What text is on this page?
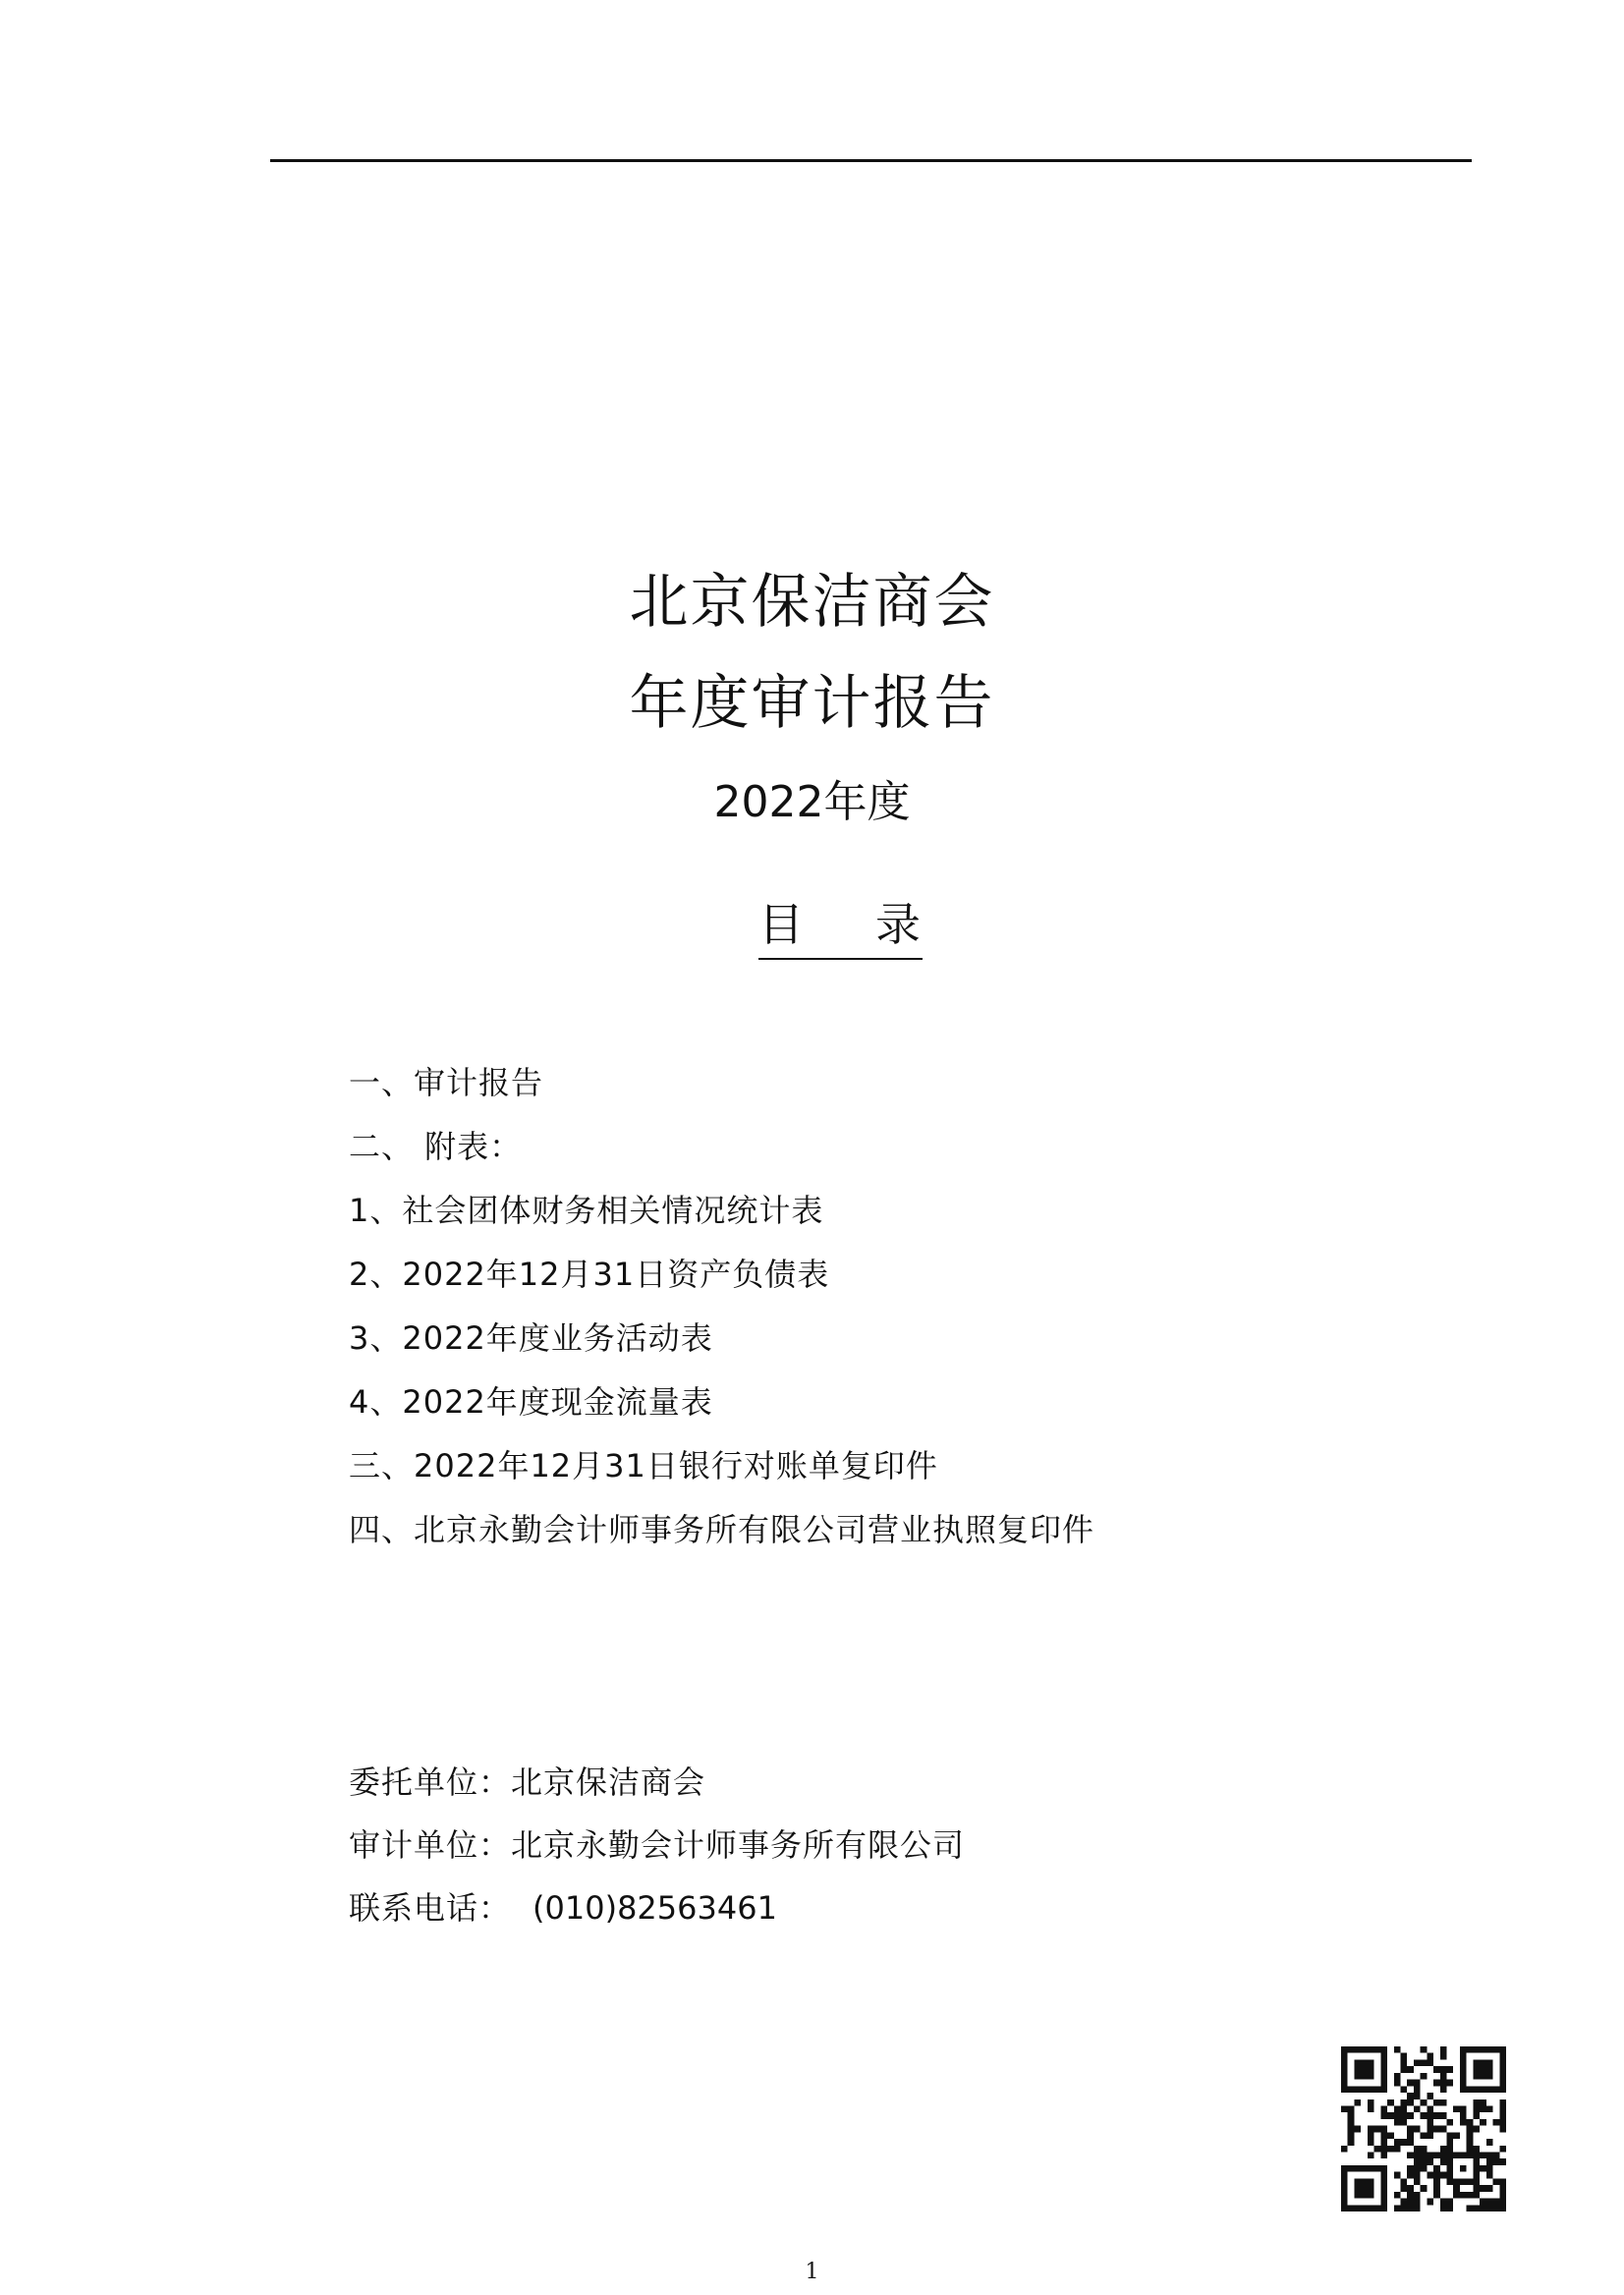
北京保洁商会
年度审计报告
2022年度
目     录
一、审计报告
二、 附表：
1、社会团体财务相关情况统计表
2、2022年12月31日资产负债表
3、2022年度业务活动表
4、2022年度现金流量表
三、2022年12月31日银行对账单复印件
四、北京永勤会计师事务所有限公司营业执照复印件
委托单位：北京保洁商会
审计单位：北京永勤会计师事务所有限公司
联系电话： (010)82563461
1
